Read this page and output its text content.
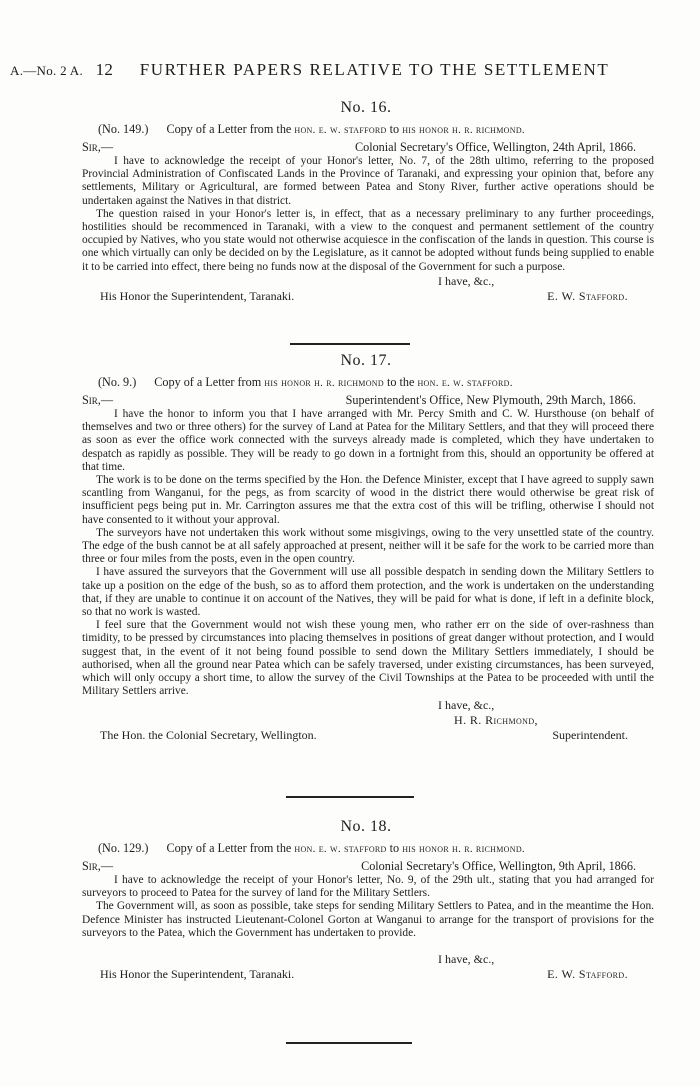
A.—No. 2 A. 12 FURTHER PAPERS RELATIVE TO THE SETTLEMENT
No. 16.
(No. 149.) Copy of a Letter from the hon. e. w. stafford to his honor h. r. richmond.
Sir,—	Colonial Secretary's Office, Wellington, 24th April, 1866.

I have to acknowledge the receipt of your Honor's letter, No. 7, of the 28th ultimo, referring to the proposed Provincial Administration of Confiscated Lands in the Province of Taranaki, and expressing your opinion that, before any settlements, Military or Agricultural, are formed between Patea and Stony River, further active operations should be undertaken against the Natives in that district.

The question raised in your Honor's letter is, in effect, that as a necessary preliminary to any further proceedings, hostilities should be recommenced in Taranaki, with a view to the conquest and permanent settlement of the country occupied by Natives, who you state would not otherwise acquiesce in the confiscation of the lands in question. This course is one which virtually can only be decided on by the Legislature, as it cannot be adopted without funds being supplied to enable it to be carried into effect, there being no funds now at the disposal of the Government for such a purpose.

I have, &c.,
His Honor the Superintendent, Taranaki.	E. W. Stafford.
No. 17.
(No. 9.) Copy of a Letter from his honor h. r. richmond to the hon. e. w. stafford.
Sir,—	Superintendent's Office, New Plymouth, 29th March, 1866.

I have the honor to inform you that I have arranged with Mr. Percy Smith and C. W. Hursthouse (on behalf of themselves and two or three others) for the survey of Land at Patea for the Military Settlers, and that they will proceed there as soon as ever the office work connected with the surveys already made is completed, which they have undertaken to despatch as rapidly as possible. They will be ready to go down in a fortnight from this, should an opportunity be offered at that time.

The work is to be done on the terms specified by the Hon. the Defence Minister, except that I have agreed to supply sawn scantling from Wanganui, for the pegs, as from scarcity of wood in the district there would otherwise be great risk of insufficient pegs being put in. Mr. Carrington assures me that the extra cost of this will be trifling, otherwise I should not have consented to it without your approval.

The surveyors have not undertaken this work without some misgivings, owing to the very unsettled state of the country. The edge of the bush cannot be at all safely approached at present, neither will it be safe for the work to be carried more than three or four miles from the posts, even in the open country.

I have assured the surveyors that the Government will use all possible despatch in sending down the Military Settlers to take up a position on the edge of the bush, so as to afford them protection, and the work is undertaken on the understanding that, if they are unable to continue it on account of the Natives, they will be paid for what is done, if left in a definite block, so that no work is wasted.

I feel sure that the Government would not wish these young men, who rather err on the side of over-rashness than timidity, to be pressed by circumstances into placing themselves in positions of great danger without protection, and I would suggest that, in the event of it not being found possible to send down the Military Settlers immediately, I should be authorised, when all the ground near Patea which can be safely traversed, under existing circumstances, has been surveyed, which will only occupy a short time, to allow the survey of the Civil Townships at the Patea to be proceeded with until the Military Settlers arrive.

I have, &c.,
H. R. Richmond,
The Hon. the Colonial Secretary, Wellington.	Superintendent.
No. 18.
(No. 129.) Copy of a Letter from the hon. e. w. stafford to his honor h. r. richmond.
Sir,—	Colonial Secretary's Office, Wellington, 9th April, 1866.

I have to acknowledge the receipt of your Honor's letter, No. 9, of the 29th ult., stating that you had arranged for surveyors to proceed to Patea for the survey of land for the Military Settlers.

The Government will, as soon as possible, take steps for sending Military Settlers to Patea, and in the meantime the Hon. Defence Minister has instructed Lieutenant-Colonel Gorton at Wanganui to arrange for the transport of provisions for the surveyors to the Patea, which the Government has undertaken to provide.

I have, &c.,
His Honor the Superintendent, Taranaki.	E. W. Stafford.
